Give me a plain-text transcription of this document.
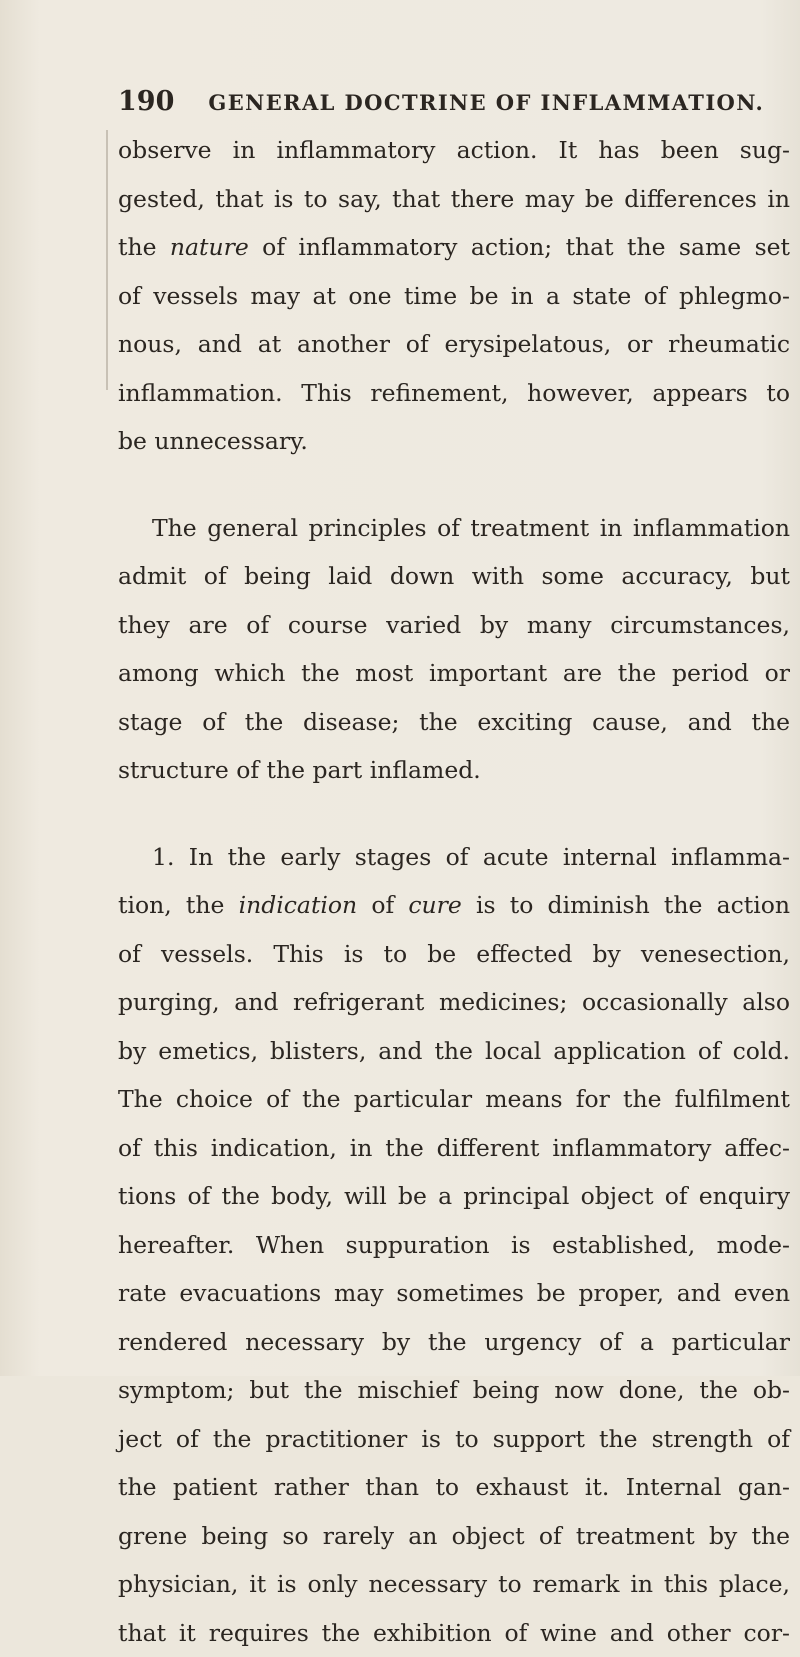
190 GENERAL DOCTRINE OF INFLAMMATION.
observe in inflammatory action. It has been sug-
gested, that is to say, that there may be differences in
the nature of inflammatory action; that the same set
of vessels may at one time be in a state of phlegmo-
nous, and at another of erysipelatous, or rheumatic
inflammation. This refinement, however, appears to
be unnecessary.
The general principles of treatment in inflammation
admit of being laid down with some accuracy, but
they are of course varied by many circumstances,
among which the most important are the period or
stage of the disease; the exciting cause, and the
structure of the part inflamed.
1. In the early stages of acute internal inflamma-
tion, the indication of cure is to diminish the action
of vessels. This is to be effected by venesection,
purging, and refrigerant medicines; occasionally also
by emetics, blisters, and the local application of cold.
The choice of the particular means for the fulfilment
of this indication, in the different inflammatory affec-
tions of the body, will be a principal object of enquiry
hereafter. When suppuration is established, mode-
rate evacuations may sometimes be proper, and even
rendered necessary by the urgency of a particular
symptom; but the mischief being now done, the ob-
ject of the practitioner is to support the strength of
the patient rather than to exhaust it. Internal gan-
grene being so rarely an object of treatment by the
physician, it is only necessary to remark in this place,
that it requires the exhibition of wine and other cor-
